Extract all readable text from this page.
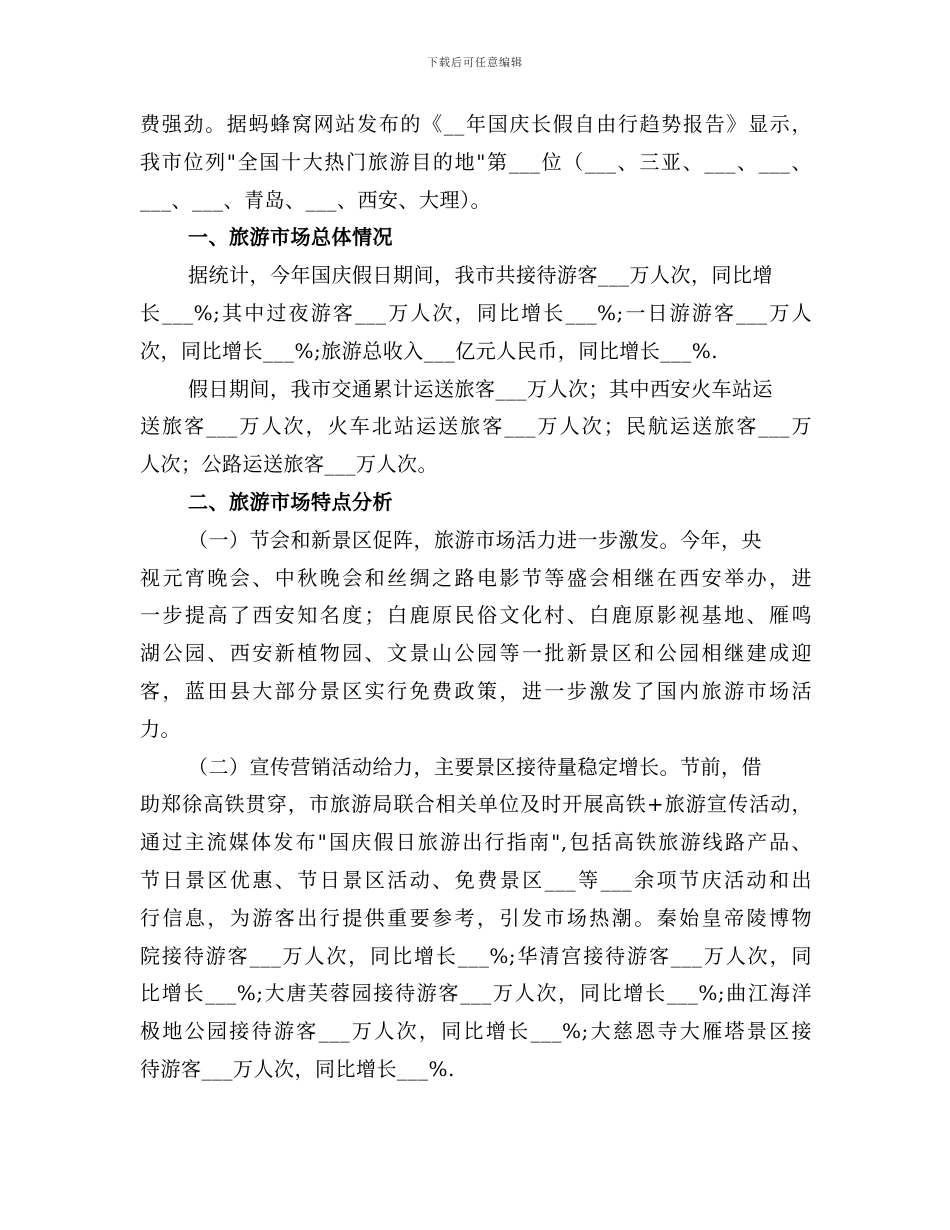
下载后可任意编辑
费强劲。据蚂蜂窝网站发布的《__年国庆长假自由行趋势报告》显示，
我市位列"全国十大热门旅游目的地"第___位（___、三亚、___、___、
___、___、青岛、___、西安、大理）。
一、旅游市场总体情况
据统计，今年国庆假日期间，我市共接待游客___万人次，同比增
长___%;其中过夜游客___万人次，同比增长___%;一日游游客___万人
次，同比增长___%;旅游总收入___亿元人民币，同比增长___%.
假日期间，我市交通累计运送旅客___万人次；其中西安火车站运
送旅客___万人次，火车北站运送旅客___万人次；民航运送旅客___万
人次；公路运送旅客___万人次。
二、旅游市场特点分析
（一）节会和新景区促阵，旅游市场活力进一步激发。今年，央
视元宵晚会、中秋晚会和丝绸之路电影节等盛会相继在西安举办，进
一步提高了西安知名度；白鹿原民俗文化村、白鹿原影视基地、雁鸣
湖公园、西安新植物园、文景山公园等一批新景区和公园相继建成迎
客，蓝田县大部分景区实行免费政策，进一步激发了国内旅游市场活
力。
（二）宣传营销活动给力，主要景区接待量稳定增长。节前，借
助郑徐高铁贯穿，市旅游局联合相关单位及时开展高铁+旅游宣传活动，
通过主流媒体发布"国庆假日旅游出行指南",包括高铁旅游线路产品、
节日景区优惠、节日景区活动、免费景区___等___余项节庆活动和出
行信息，为游客出行提供重要参考，引发市场热潮。秦始皇帝陵博物
院接待游客___万人次，同比增长___%;华清宫接待游客___万人次，同
比增长___%;大唐芙蓉园接待游客___万人次，同比增长___%;曲江海洋
极地公园接待游客___万人次，同比增长___%;大慈恩寺大雁塔景区接
待游客___万人次，同比增长___%.
